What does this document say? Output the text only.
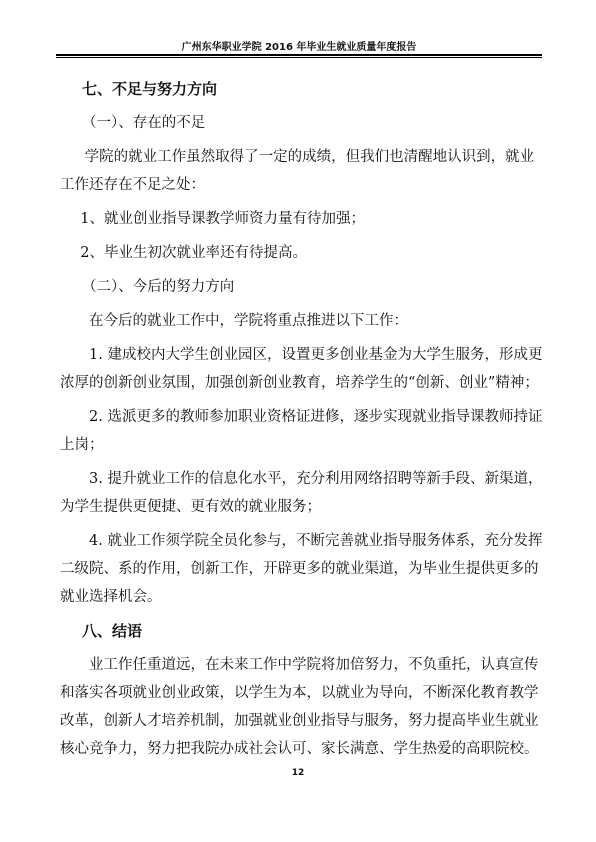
广州东华职业学院 2016 年毕业生就业质量年度报告

七、不足与努力方向

（一）、存在的不足

学院的就业工作虽然取得了一定的成绩，但我们也清醒地认识到，就业工作还存在不足之处：

1、就业创业指导课教学师资力量有待加强；

2、毕业生初次就业率还有待提高。

（二）、今后的努力方向

在今后的就业工作中，学院将重点推进以下工作：

1. 建成校内大学生创业园区，设置更多创业基金为大学生服务，形成更浓厚的创新创业氛围，加强创新创业教育，培养学生的“创新、创业”精神；

2. 选派更多的教师参加职业资格证进修，逐步实现就业指导课教师持证上岗；

3. 提升就业工作的信息化水平，充分利用网络招聘等新手段、新渠道，为学生提供更便捷、更有效的就业服务；

4. 就业工作须学院全员化参与，不断完善就业指导服务体系，充分发挥二级院、系的作用，创新工作，开辟更多的就业渠道，为毕业生提供更多的就业选择机会。

八、结语

业工作任重道远，在未来工作中学院将加倍努力，不负重托，认真宣传和落实各项就业创业政策，以学生为本，以就业为导向，不断深化教育教学改革，创新人才培养机制，加强就业创业指导与服务，努力提高毕业生就业核心竞争力，努力把我院办成社会认可、家长满意、学生热爱的高职院校。

12
